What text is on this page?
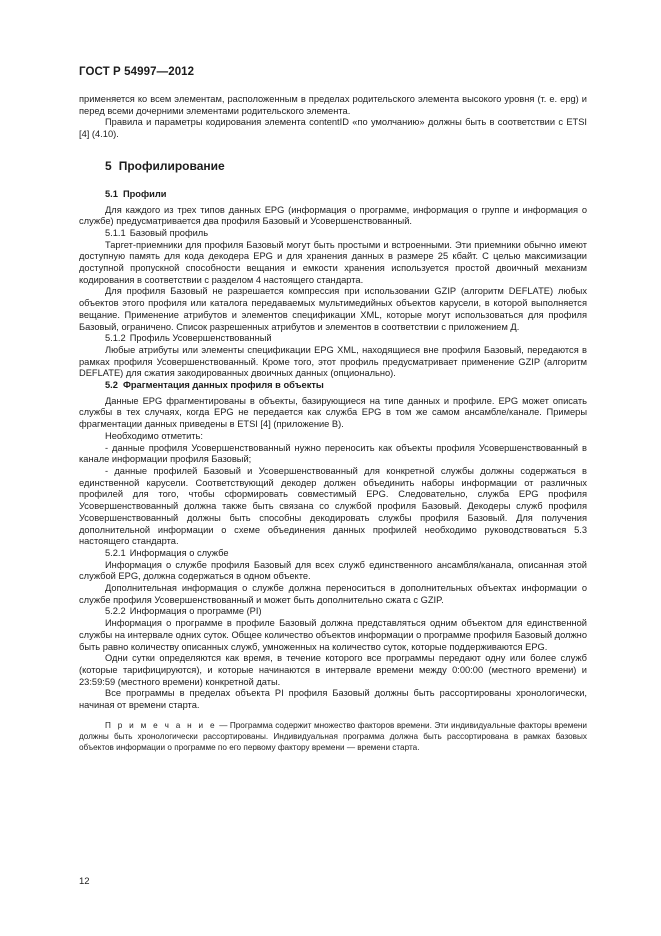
ГОСТ Р 54997—2012

применяется ко всем элементам, расположенным в пределах родительского элемента высокого уровня (т. е. epg) и перед всеми дочерними элементами родительского элемента.

Правила и параметры кодирования элемента contentID «по умолчанию» должны быть в соответствии с ETSI [4] (4.10).

5 Профилирование
5.1 Профили

Для каждого из трех типов данных EPG (информация о программе, информация о группе и информация о службе) предусматривается два профиля Базовый и Усовершенствованный.

5.1.1 Базовый профиль

Таргет-приемники для профиля Базовый могут быть простыми и встроенными. Эти приемники обычно имеют доступную память для кода декодера EPG и для хранения данных в размере 25 кбайт. С целью максимизации доступной пропускной способности вещания и емкости хранения используется простой двоичный механизм кодирования в соответствии с разделом 4 настоящего стандарта.

Для профиля Базовый не разрешается компрессия при использовании GZIP (алгоритм DEFLATE) любых объектов этого профиля или каталога передаваемых мультимедийных объектов карусели, в которой выполняется вещание. Применение атрибутов и элементов спецификации XML, которые могут использоваться для профиля Базовый, ограничено. Список разрешенных атрибутов и элементов в соответствии с приложением Д.

5.1.2 Профиль Усовершенствованный

Любые атрибуты или элементы спецификации EPG XML, находящиеся вне профиля Базовый, передаются в рамках профиля Усовершенствованный. Кроме того, этот профиль предусматривает применение GZIP (алгоритм DEFLATE) для сжатия закодированных двоичных данных (опционально).

5.2 Фрагментация данных профиля в объекты

Данные EPG фрагментированы в объекты, базирующиеся на типе данных и профиле. EPG может описать службы в тех случаях, когда EPG не передается как служба EPG в том же самом ансамбле/канале. Примеры фрагментации данных приведены в ETSI [4] (приложение В).

Необходимо отметить:

- данные профиля Усовершенствованный нужно переносить как объекты профиля Усовершенствованный в канале информации профиля Базовый;

- данные профилей Базовый и Усовершенствованный для конкретной службы должны содержаться в единственной карусели. Соответствующий декодер должен объединить наборы информации от различных профилей для того, чтобы сформировать совместимый EPG. Следовательно, служба EPG профиля Усовершенствованный должна также быть связана со службой профиля Базовый. Декодеры служб профиля Усовершенствованный должны быть способны декодировать службы профиля Базовый. Для получения дополнительной информации о схеме объединения данных профилей необходимо руководствоваться 5.3 настоящего стандарта.

5.2.1 Информация о службе

Информация о службе профиля Базовый для всех служб единственного ансамбля/канала, описанная этой службой EPG, должна содержаться в одном объекте.

Дополнительная информация о службе должна переноситься в дополнительных объектах информации о службе профиля Усовершенствованный и может быть дополнительно сжата с GZIP.

5.2.2 Информация о программе (PI)

Информация о программе в профиле Базовый должна представляться одним объектом для единственной службы на интервале одних суток. Общее количество объектов информации о программе профиля Базовый должно быть равно количеству описанных служб, умноженных на количество суток, которые поддерживаются EPG.

Одни сутки определяются как время, в течение которого все программы передают одну или более служб (которые тарифицируются), и которые начинаются в интервале времени между 0:00:00 (местного времени) и 23:59:59 (местного времени) конкретной даты.

Все программы в пределах объекта PI профиля Базовый должны быть рассортированы хронологически, начиная от времени старта.

П р и м е ч а н и е — Программа содержит множество факторов времени. Эти индивидуальные факторы времени должны быть хронологически рассортированы. Индивидуальная программа должна быть рассортирована в рамках базовых объектов информации о программе по его первому фактору времени — времени старта.

12
